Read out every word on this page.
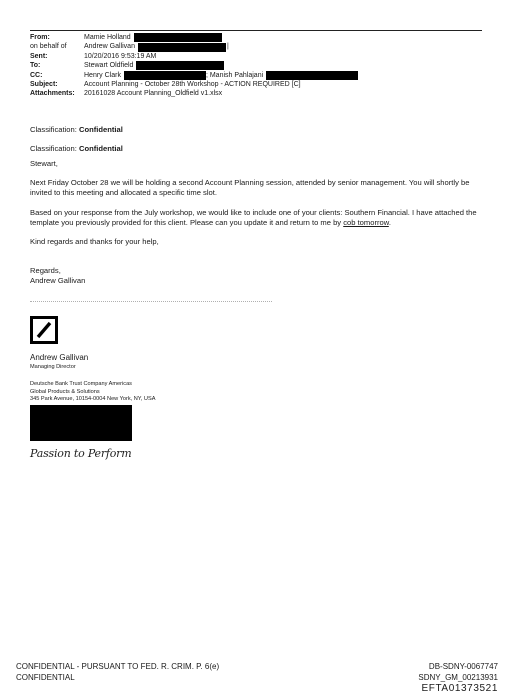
From:	Mamie Holland
on behalf of	Andrew Gallivan	|
Sent:	10/20/2016 9:53:19 AM
To:	Stewart Oldfield
CC:	Henry Clark	; Manish Pahlajani
Subject:	Account Planning - October 28th Workshop - ACTION REQUIRED [C]
Attachments:	20161028 Account Planning_Oldfield v1.xlsx
Classification: Confidential
Classification: Confidential
Stewart,
Next Friday October 28 we will be holding a second Account Planning session, attended by senior management. You will shortly be invited to this meeting and allocated a specific time slot.
Based on your response from the July workshop, we would like to include one of your clients: Southern Financial. I have attached the template you previously provided for this client. Please can you update it and return to me by cob tomorrow.
Kind regards and thanks for your help,
Regards,
Andrew Gallivan
Andrew Gallivan
Managing Director
Deutsche Bank Trust Company Americas
Global Products & Solutions
345 Park Avenue, 10154-0004 New York, NY, USA
Passion to Perform
CONFIDENTIAL - PURSUANT TO FED. R. CRIM. P. 6(e)
CONFIDENTIAL
DB-SDNY-0067747
SDNY_GM_00213931
EFTA01373521
